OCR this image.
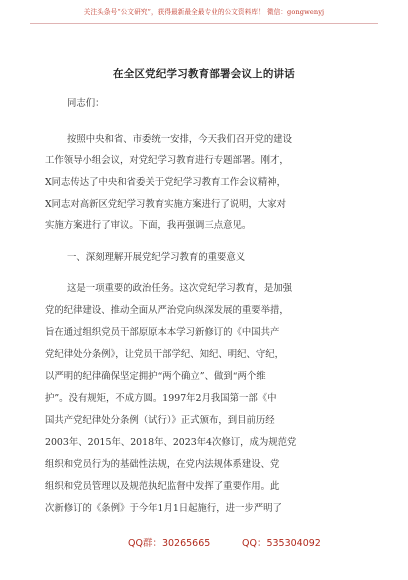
关注头条号“公文研究”，获得最新最全最专业的公文资料库！ 微信：gongwenyj
在全区党纪学习教育部署会议上的讲话
同志们：
按照中央和省、市委统一安排，今天我们召开党的建设
工作领导小组会议，对党纪学习教育进行专题部署。刚才，
X同志传达了中央和省委关于党纪学习教育工作会议精神，
X同志对高新区党纪学习教育实施方案进行了说明，大家对
实施方案进行了审议。下面，我再强调三点意见。
一、深刻理解开展党纪学习教育的重要意义
这是一项重要的政治任务。这次党纪学习教育，是加强
党的纪律建设、推动全面从严治党向纵深发展的重要举措，
旨在通过组织党员干部原原本本学习新修订的《中国共产
党纪律处分条例》，让党员干部学纪、知纪、明纪、守纪，
以严明的纪律确保坚定拥护“两个确立”、做到“两个维
护”。没有规矩，不成方圆。1997年2月我国第一部《中
国共产党纪律处分条例（试行）》正式颁布，到目前历经
2003年、2015年、2018年、2023年4次修订，成为规范党
组织和党员行为的基础性法规，在党内法规体系建设、党
组织和党员管理以及规范执纪监督中发挥了重要作用。此
次新修订的《条例》于今年1月1日起施行，进一步严明了
QQ群：30265665	QQ：535304092
